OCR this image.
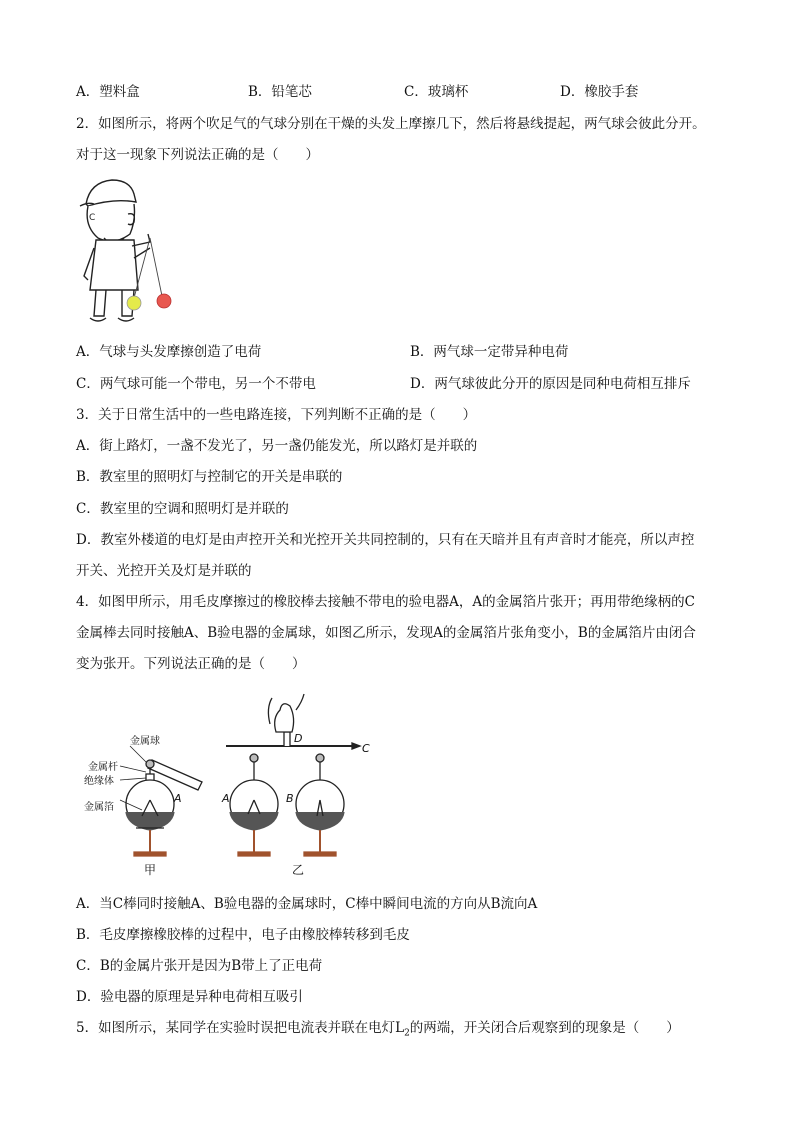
A．塑料盒	B．铅笔芯	C．玻璃杯	D．橡胶手套
2．如图所示，将两个吹足气的气球分别在干燥的头发上摩擦几下，然后将悬线提起，两气球会彼此分开。
对于这一现象下列说法正确的是（　　）
C
A．气球与头发摩擦创造了电荷	B．两气球一定带异种电荷
C．两气球可能一个带电，另一个不带电	D．两气球彼此分开的原因是同种电荷相互排斥
3．关于日常生活中的一些电路连接，下列判断不正确的是（　　）
A．街上路灯，一盏不发光了，另一盏仍能发光，所以路灯是并联的
B．教室里的照明灯与控制它的开关是串联的
C．教室里的空调和照明灯是并联的
D．教室外楼道的电灯是由声控开关和光控开关共同控制的，只有在天暗并且有声音时才能亮，所以声控
开关、光控开关及灯是并联的
4．如图甲所示，用毛皮摩擦过的橡胶棒去接触不带电的验电器A，A的金属箔片张开；再用带绝缘柄的C
金属棒去同时接触A、B验电器的金属球，如图乙所示，发现A的金属箔片张角变小，B的金属箔片由闭合
变为张开。下列说法正确的是（　　）
金属球
金属杆
绝缘体
金属箔
A	A	B
C
D
甲	乙
A．当C棒同时接触A、B验电器的金属球时，C棒中瞬间电流的方向从B流向A
B．毛皮摩擦橡胶棒的过程中，电子由橡胶棒转移到毛皮
C．B的金属片张开是因为B带上了正电荷
D．验电器的原理是异种电荷相互吸引
5．如图所示，某同学在实验时误把电流表并联在电灯$L_2$的两端，开关闭合后观察到的现象是（　　）
